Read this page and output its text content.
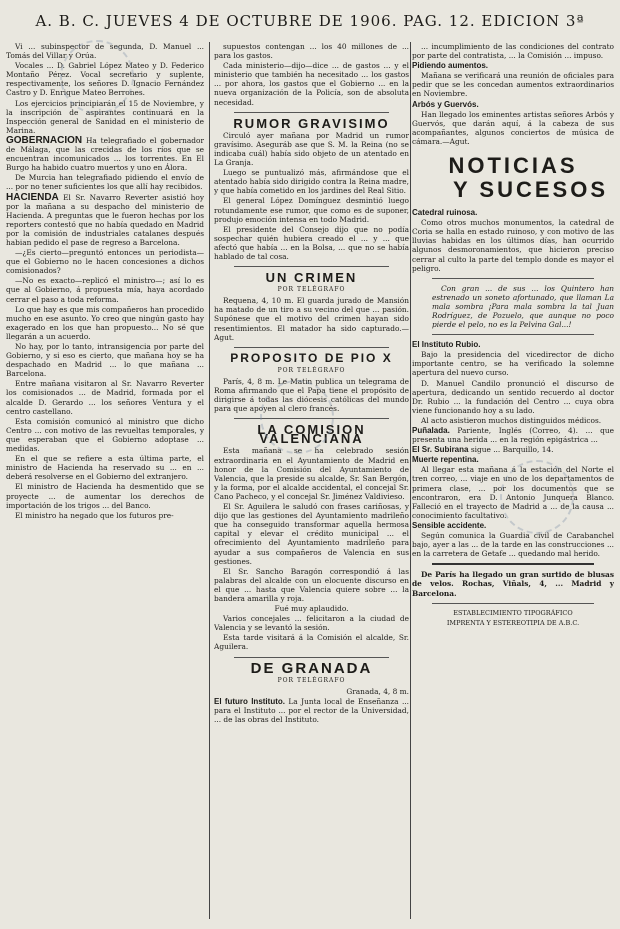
A. B. C. JUEVES 4 DE OCTUBRE DE 1906. PAG. 12. EDICION 3ª

Vi ... subinspector de segunda, D. Manuel ... Tomás del Villar y Orúa.

Vocales ... D. Gabriel López Mateo y D. Federico Montaño Pérez. Vocal secretario y suplente, respectivamente, los señores D. Ignacio Fernández Castro y D. Enrique Mateo Berrones.

Los ejercicios principiarán el 15 de Noviembre, y la inscripción de aspirantes continuará en la Inspección general de Sanidad en el ministerio de Marina.

GOBERNACION Ha telegrafiado el gobernador de Málaga, que las crecidas de los ríos que se encuentran incomunicados ... los torrentes. En El Burgo ha habido cuatro muertos y uno en Álora.

De Murcia han telegrafiado pidiendo el envío de ... por no tener suficientes los que allí hay recibidos.

HACIENDA El Sr. Navarro Reverter asistió hoy por la mañana a su despacho del ministerio de Hacienda. A preguntas que le fueron hechas por los reporters contestó que no había quedado en Madrid por la comisión de industriales catalanes después habian pedido el pase de regreso a Barcelona.

—¿Es cierto—preguntó entonces un periodista— que el Gobierno no le hacen concesiones a dichos comisionados?

—No es exacto—replicó el ministro—; así lo es que al Gobierno, á propuesta mía, haya acordado cerrar el paso a toda reforma.

Lo que hay es que mis compañeros han procedido mucho en ese asunto. Yo creo que ningún gasto hay exagerado en los que han propuesto... No sé que llegarán a un acuerdo.

No hay, por lo tanto, intransigencia por parte del Gobierno, y si eso es cierto, que mañana hoy se ha despachado en Madrid ... lo que mañana ... Barcelona.

Entre mañana visitaron al Sr. Navarro Reverter los comisionados ... de Madrid, formada por el alcalde D. Gerardo ... los señores Ventura y el centro castellano.

Esta comisión comunicó al ministro que dicho Centro ... con motivo de las revueltas temporales, y que esperaban que el Gobierno adoptase ... medidas.

En el que se refiere a esta última parte, el ministro de Hacienda ha reservado su ... en ... deberá resolverse en el Gobierno del extranjero.

El ministro de Hacienda ha desmentido que se proyecte ... de aumentar los derechos de importación de los trigos ... del Banco.

El ministro ha negado que los futuros pre-

supuestos contengan ... los 40 millones de ... para los gastos.

Cada ministerio—dijo—dice ... de gastos ... y el ministerio que también ha necesitado ... los gastos ... por ahora, los gastos que el Gobierno ... en la nueva organización de la Policía, son de absoluta necesidad.

RUMOR GRAVISIMO

Circuló ayer mañana por Madrid un rumor gravísimo. Aseguráb ase que S. M. la Reina (no se indicaba cuál) había sido objeto de un atentado en La Granja.

Luego se puntualizó más, afirmándose que el atentado había sido dirigido contra la Reina madre, y que había cometido en los jardines del Real Sitio.

El general López Domínguez desmintió luego rotundamente ese rumor, que como es de suponer, produjo emoción intensa en todo Madrid.

El presidente del Consejo dijo que no podía sospechar quién hubiera creado el ... y ... que afectó que había ... en la Bolsa, ... que no se había hablado de tal cosa.

UN CRIMEN
POR TELÉGRAFO

Requena, 4, 10 m. El guarda jurado de Mansión ha matado de un tiro a su vecino del que ... pasión. Supónese que el motivo del crimen hayan sido resentimientos. El matador ha sido capturado.—Agut.

PROPOSITO DE PIO X
POR TELÉGRAFO

París, 4, 8 m. Le Matin publica un telegrama de Roma afirmando que el Papa tiene el propósito de dirigirse á todas las diócesis católicas del mundo para que apoyen al clero francés.

LA COMISION VALENCIANA

Esta mañana se ha celebrado sesión extraordinaria en el Ayuntamiento de Madrid en honor de la Comisión del Ayuntamiento de Valencia, que la preside su alcalde, Sr. San Bergón, y la forma, por el alcalde accidental, el concejal Sr. Cano Pacheco, y el concejal Sr. Jiménez Valdivieso.

El Sr. Aguilera le saludó con frases cariñosas, y dijo que las gestiones del Ayuntamiento madrileño que ha conseguido transformar aquella hermosa capital y elevar el crédito municipal ... el ofrecimiento del Ayuntamiento madrileño para ayudar a sus compañeros de Valencia en sus gestiones.

El Sr. Sancho Baragón correspondió á las palabras del alcalde con un elocuente discurso en el que ... hasta que Valencia quiere sobre ... la bandera amarilla y roja.

Fué muy aplaudido.

Varios concejales ... felicitaron a la ciudad de Valencia y se levantó la sesión.

Esta tarde visitará á la Comisión el alcalde, Sr. Aguilera.

DE GRANADA
POR TELÉGRAFO

Granada, 4, 8 m.

El futuro Instituto. La Junta local de Enseñanza ... para el Instituto ... por el rector de la Universidad, ... de las obras del Instituto.

... incumplimiento de las condiciones del contrato por parte del contratista, ... la Comisión ... impuso.

Pidiendo aumentos.

Mañana se verificará una reunión de oficiales para pedir que se les concedan aumentos extraordinarios en Noviembre.

Arbós y Guervós.

Han llegado los eminentes artistas señores Arbós y Guervós, que darán aquí, á la cabeza de sus acompañantes, algunos conciertos de música de cámara.—Agut.

NOTICIAS
Y SUCESOS

Catedral ruinosa.

Como otros muchos monumentos, la catedral de Coria se halla en estado ruinoso, y con motivo de las lluvias habidas en los últimos días, han ocurrido algunos desmoronamientos, que hicieron preciso cerrar al culto la parte del templo donde es mayor el peligro.

Con gran ... de sus ... los Quintero han estrenado un soneto afortunado, que llaman La mala sombra ¡Para mala sombra la tal Juan Rodríguez, de Pozuelo, que aunque no poco pierde el pelo, no es la Pelvina Gal...!

El Instituto Rubio.

Bajo la presidencia del vicedirector de dicho importante centro, se ha verificado la solemne apertura del nuevo curso.

D. Manuel Candilo pronunció el discurso de apertura, dedicando un sentido recuerdo al doctor Dr. Rubio ... la fundación del Centro ... cuya obra viene funcionando hoy a su lado.

Al acto asistieron muchos distinguidos médicos.

Puñalada. Pariente, Inglés (Correo, 4). ... que presenta una herida ... en la región epigástrica ...

El Sr. Subirana sigue ... Barquillo, 14.

Muerte repentina.

Al llegar esta mañana á la estación del Norte el tren correo, ... viaje en uno de los departamentos de primera clase, ... por los documentos que se encontraron, era D. Antonio Junquera Blanco. Falleció en el trayecto de Madrid a ... de la causa ... conocimiento facultativo.

Sensible accidente.

Según comunica la Guardia civil de Carabanchel bajo, ayer a las ... de la tarde en las construcciones ... en la carretera de Getafe ... quedando mal herido.

De París ha llegado un gran surtido de blusas de velos. Rochas, Viñals, 4, ... Madrid y Barcelona.

ESTABLECIMIENTO TIPOGRÁFICO

IMPRENTA Y ESTEREOTIPIA DE A.B.C.
